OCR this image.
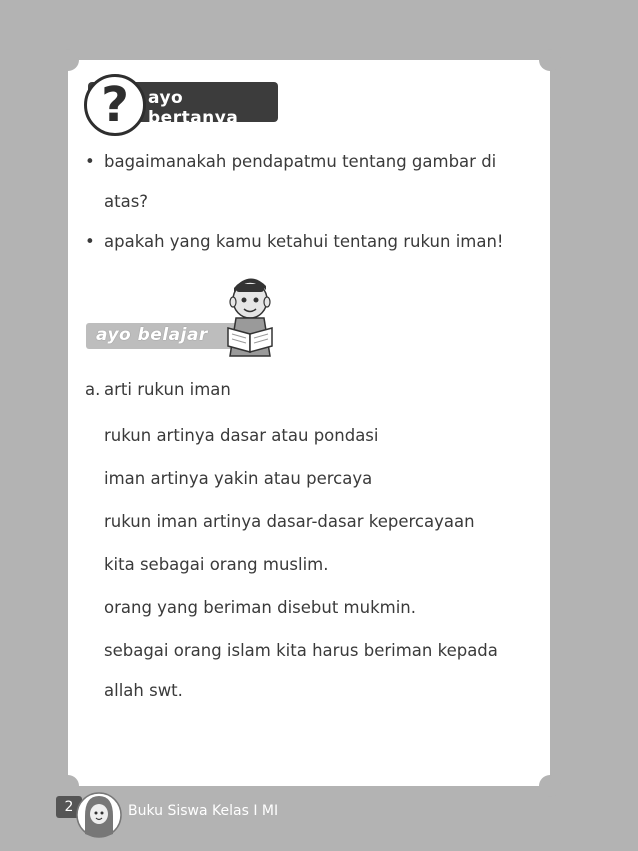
ayo bertanya
?
• bagaimanakah pendapatmu tentang gambar di
atas?
• apakah yang kamu ketahui tentang rukun iman!
ayo belajar
a. arti rukun iman
rukun artinya dasar atau pondasi
iman artinya yakin atau percaya
rukun iman artinya dasar-dasar kepercayaan
kita sebagai orang muslim.
orang yang beriman disebut mukmin.
sebagai orang islam kita harus beriman kepada
allah swt.
2	Buku Siswa Kelas I MI
